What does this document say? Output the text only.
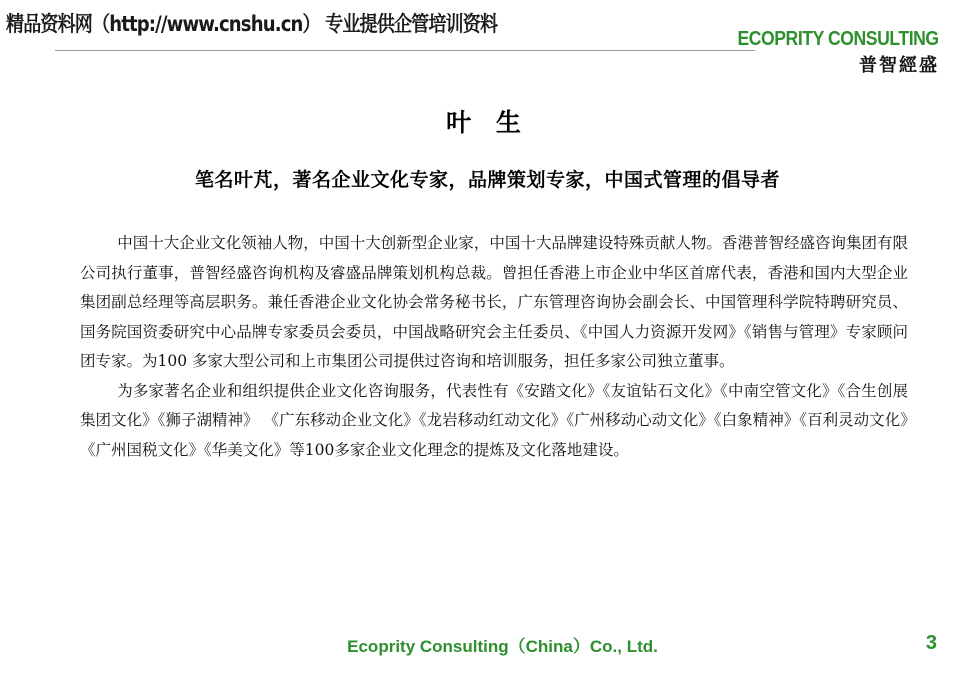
精品资料网（http://www.cnshu.cn） 专业提供企管培训资料
ECOPRITY CONSULTING
普智經盛
叶 生
笔名叶芃，著名企业文化专家，品牌策划专家，中国式管理的倡导者

中国十大企业文化领袖人物，中国十大创新型企业家，中国十大品牌建设特殊贡献人物。香港普智经盛咨询集团有限公司执行董事，普智经盛咨询机构及睿盛品牌策划机构总裁。曾担任香港上市企业中华区首席代表，香港和国内大型企业集团副总经理等高层职务。兼任香港企业文化协会常务秘书长，广东管理咨询协会副会长、中国管理科学院特聘研究员、国务院国资委研究中心品牌专家委员会委员，中国战略研究会主任委员、《中国人力资源开发网》《销售与管理》专家顾问团专家。为100 多家大型公司和上市集团公司提供过咨询和培训服务，担任多家公司独立董事。

为多家著名企业和组织提供企业文化咨询服务，代表性有《安踏文化》《友谊钻石文化》《中南空管文化》《合生创展集团文化》《狮子湖精神》 《广东移动企业文化》《龙岩移动红动文化》《广州移动心动文化》《白象精神》《百利灵动文化》《广州国税文化》《华美文化》等100多家企业文化理念的提炼及文化落地建设。

Ecoprity Consulting（China）Co., Ltd.	3
